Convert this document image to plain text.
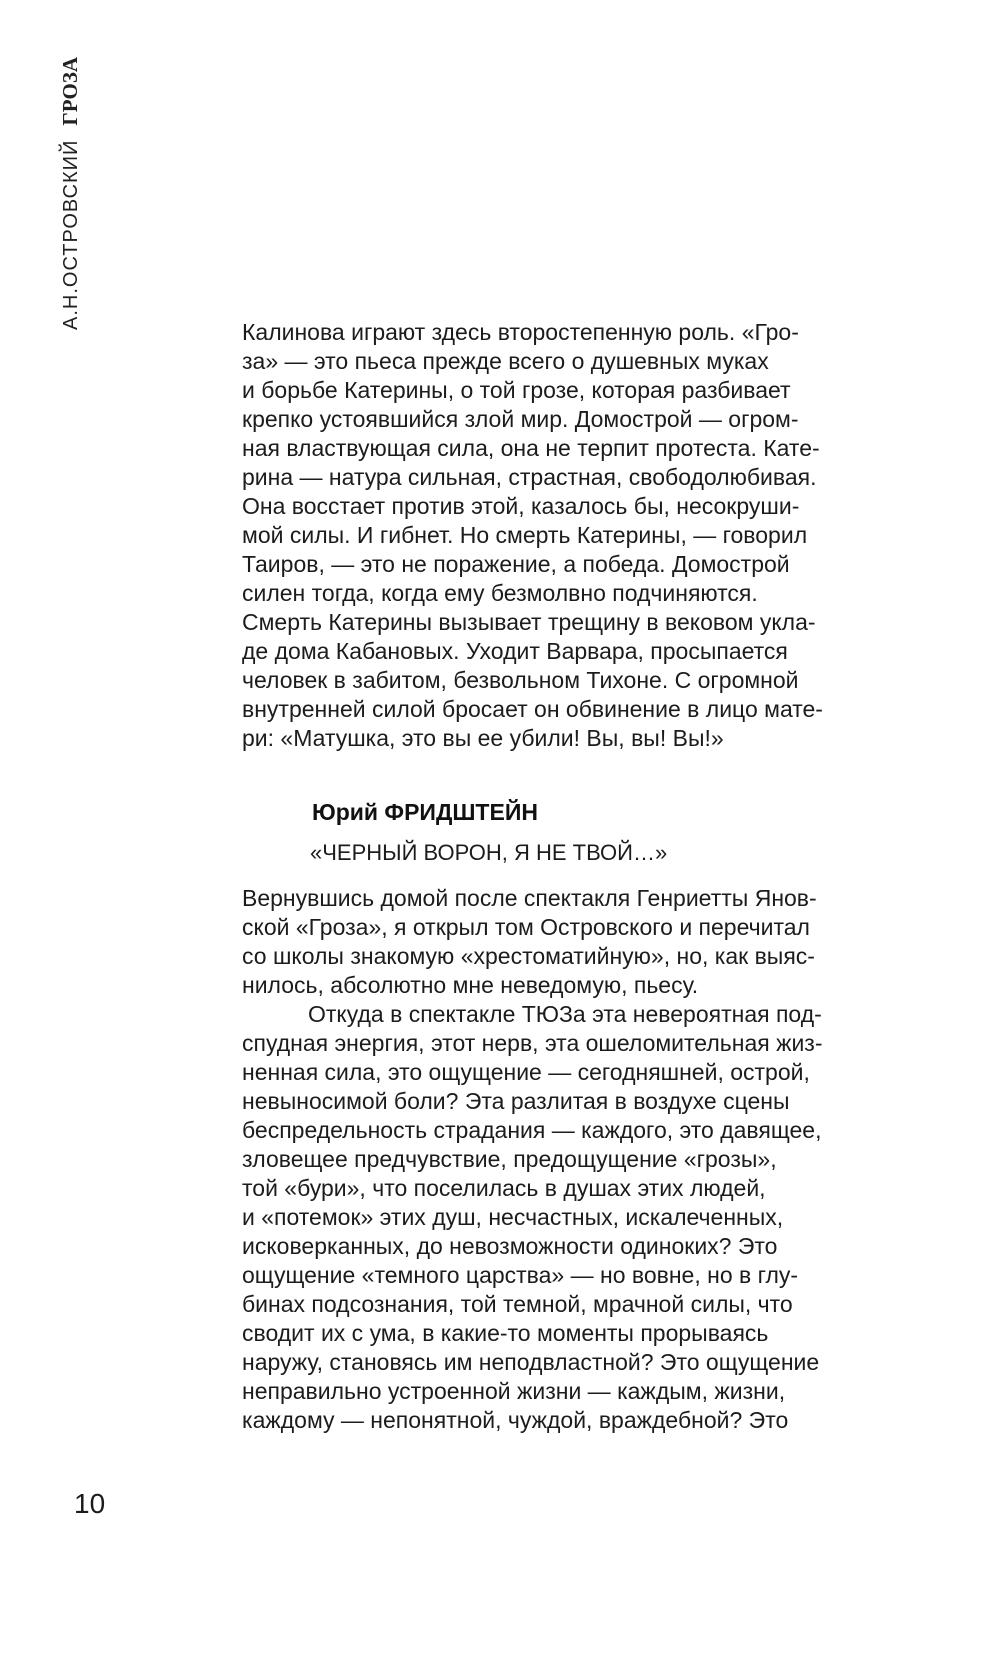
А.Н.ОСТРОВСКИЙ
ГРОЗА
Калинова играют здесь второстепенную роль. «Гро-
за» — это пьеса прежде всего о душевных муках
и борьбе Катерины, о той грозе, которая разбивает
крепко устоявшийся злой мир. Домострой — огром-
ная властвующая сила, она не терпит протеста. Кате-
рина — натура сильная, страстная, свободолюбивая.
Она восстает против этой, казалось бы, несокруши-
мой силы. И гибнет. Но смерть Катерины, — говорил
Таиров, — это не поражение, а победа. Домострой
силен тогда, когда ему безмолвно подчиняются.
Смерть Катерины вызывает трещину в вековом укла-
де дома Кабановых. Уходит Варвара, просыпается
человек в забитом, безвольном Тихоне. С огромной
внутренней силой бросает он обвинение в лицо мате-
ри: «Матушка, это вы ее убили! Вы, вы! Вы!»
Юрий ФРИДШТЕЙН
«ЧЕРНЫЙ ВОРОН, Я НЕ ТВОЙ…»
Вернувшись домой после спектакля Генриетты Янов-
ской «Гроза», я открыл том Островского и перечитал
со школы знакомую «хрестоматийную», но, как выяс-
нилось, абсолютно мне неведомую, пьесу.
Откуда в спектакле ТЮЗа эта невероятная под-
спудная энергия, этот нерв, эта ошеломительная жиз-
ненная сила, это ощущение — сегодняшней, острой,
невыносимой боли? Эта разлитая в воздухе сцены
беспредельность страдания — каждого, это давящее,
зловещее предчувствие, предощущение «грозы»,
той «бури», что поселилась в душах этих людей,
и «потемок» этих душ, несчастных, искалеченных,
исковерканных, до невозможности одиноких? Это
ощущение «темного царства» — но вовне, но в глу-
бинах подсознания, той темной, мрачной силы, что
сводит их с ума, в какие-то моменты прорываясь
наружу, становясь им неподвластной? Это ощущение
неправильно устроенной жизни — каждым, жизни,
каждому — непонятной, чуждой, враждебной? Это
10
